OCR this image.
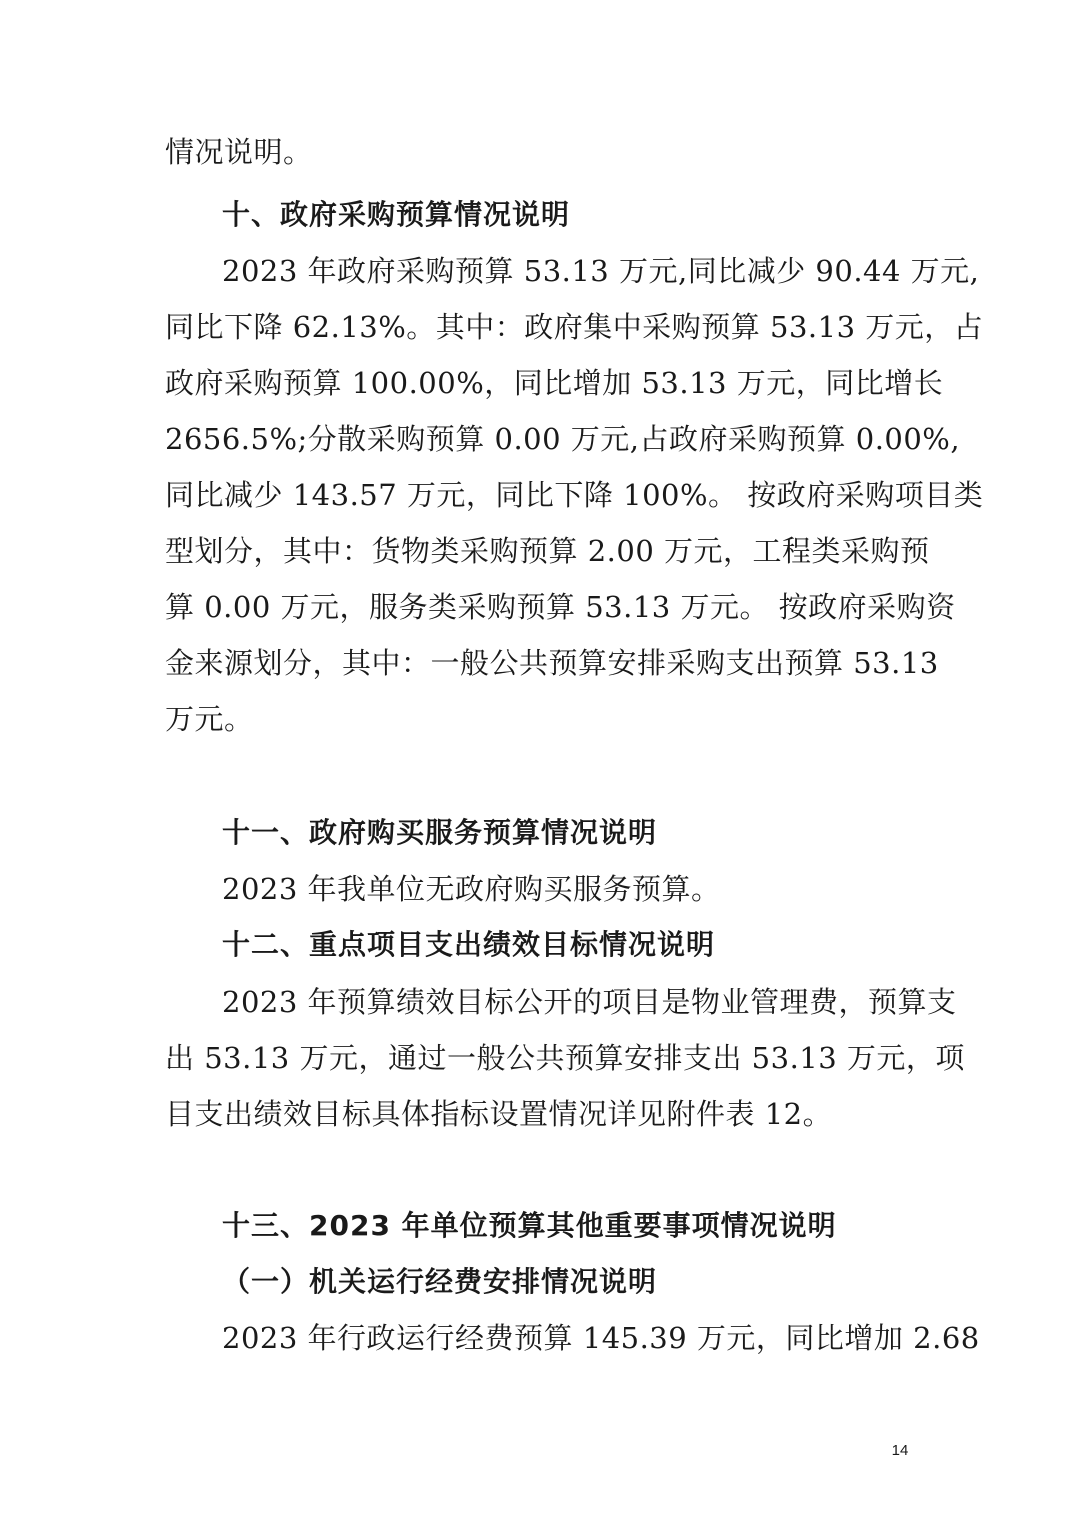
情况说明。
十、政府采购预算情况说明
2023 年政府采购预算 53.13 万元,同比减少 90.44 万元,
同比下降 62.13%。其中：政府集中采购预算 53.13 万元，占
政府采购预算 100.00%，同比增加 53.13 万元，同比增长
2656.5%;分散采购预算 0.00 万元,占政府采购预算 0.00%,
同比减少 143.57 万元，同比下降 100%。 按政府采购项目类
型划分，其中：货物类采购预算 2.00 万元，工程类采购预
算 0.00 万元，服务类采购预算 53.13 万元。 按政府采购资
金来源划分，其中：一般公共预算安排采购支出预算 53.13
万元。
十一、政府购买服务预算情况说明
2023 年我单位无政府购买服务预算。
十二、重点项目支出绩效目标情况说明
2023 年预算绩效目标公开的项目是物业管理费，预算支
出 53.13 万元，通过一般公共预算安排支出 53.13 万元，项
目支出绩效目标具体指标设置情况详见附件表 12。
十三、2023 年单位预算其他重要事项情况说明
（一）机关运行经费安排情况说明
2023 年行政运行经费预算 145.39 万元，同比增加 2.68
14
